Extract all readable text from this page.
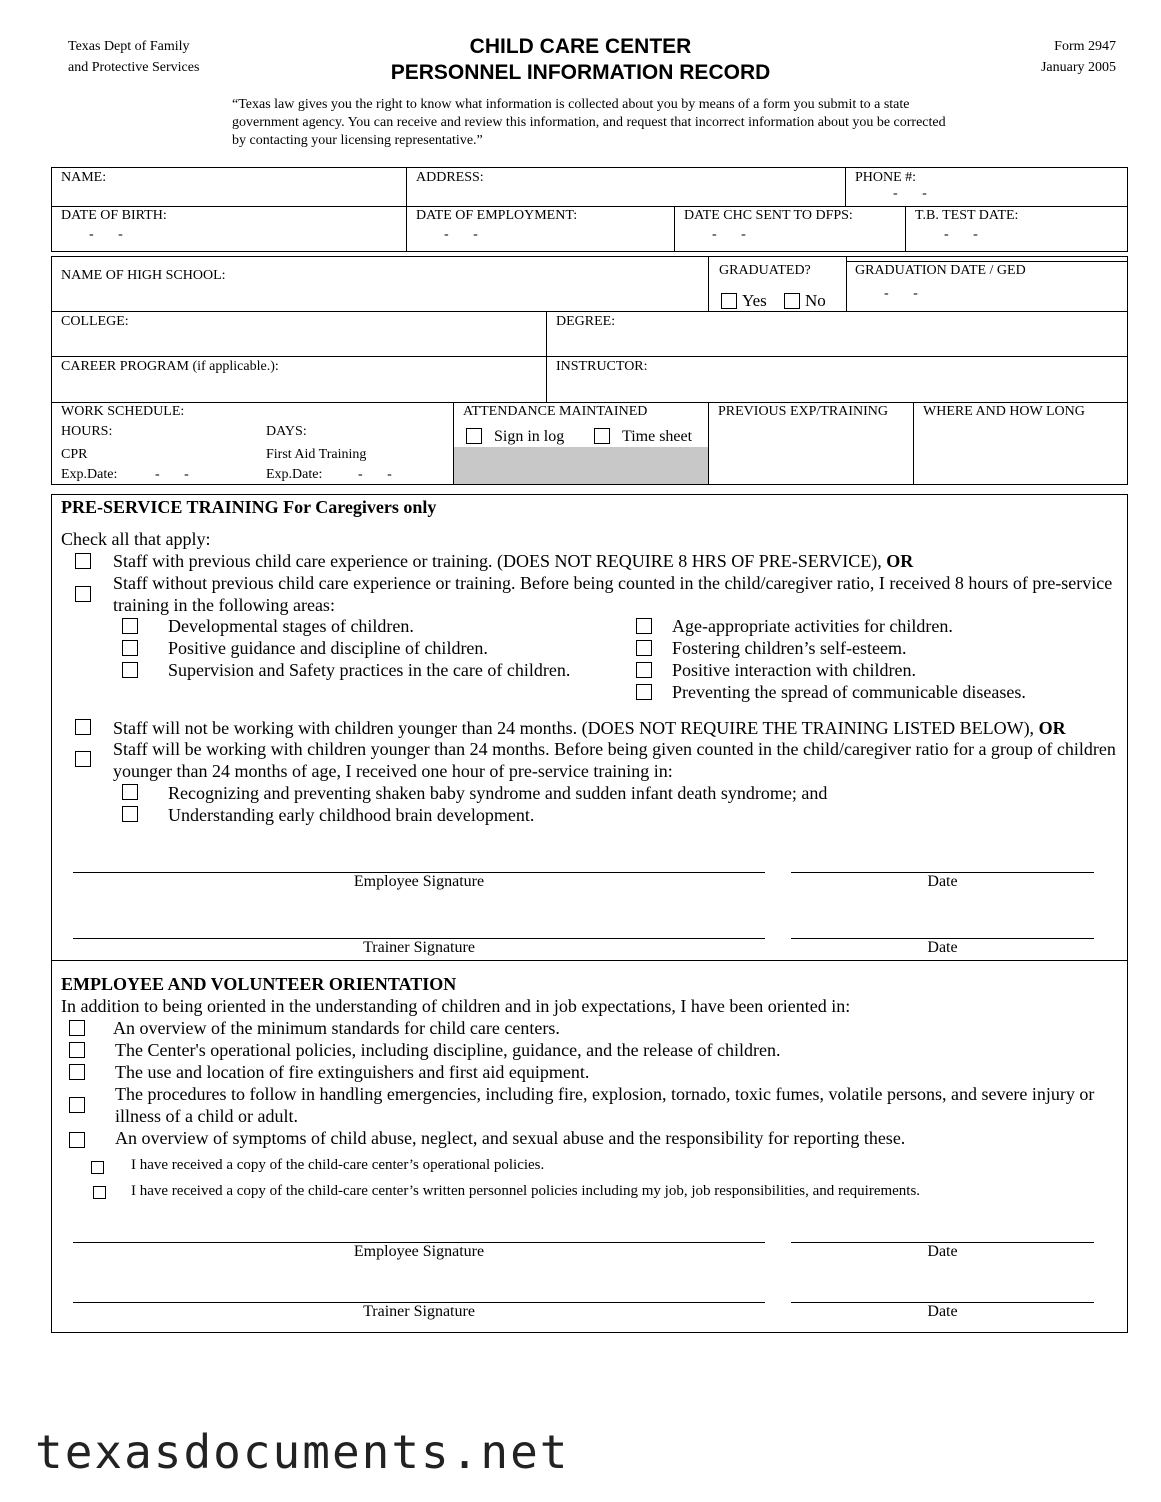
Texas Dept of Family
and Protective Services
CHILD CARE CENTER
PERSONNEL INFORMATION RECORD
Form 2947
January 2005
“Texas law gives you the right to know what information is collected about you by means of a form you submit to a state government agency. You can receive and review this information, and request that incorrect information about you be corrected by contacting your licensing representative.”
NAME:	ADDRESS:	PHONE #:
-       -
DATE OF BIRTH:
-       -
DATE OF EMPLOYMENT:
-       -
DATE CHC SENT TO DFPS:
-       -
T.B. TEST DATE:
-       -
NAME OF HIGH SCHOOL:	GRADUATED?
Yes No
GRADUATION DATE / GED
-       -
COLLEGE:	DEGREE:
CAREER PROGRAM (if applicable.):	INSTRUCTOR:
WORK SCHEDULE:
HOURS:	DAYS:
CPR
Exp.Date:	-       -
First Aid Training
Exp.Date:	-       -
ATTENDANCE MAINTAINED
Sign in log	Time sheet
PREVIOUS EXP/TRAINING	WHERE AND HOW LONG
PRE-SERVICE TRAINING For Caregivers only
Check all that apply:
Staff with previous child care experience or training. (DOES NOT REQUIRE 8 HRS OF PRE-SERVICE), OR
Staff without previous child care experience or training. Before being counted in the child/caregiver ratio, I received 8 hours of pre-service training in the following areas:
Developmental stages of children.
Positive guidance and discipline of children.
Supervision and Safety practices in the care of children.
Age-appropriate activities for children.
Fostering children’s self-esteem.
Positive interaction with children.
Preventing the spread of communicable diseases.
Staff will not be working with children younger than 24 months. (DOES NOT REQUIRE THE TRAINING LISTED BELOW), OR
Staff will be working with children younger than 24 months. Before being given counted in the child/caregiver ratio for a group of children younger than 24 months of age, I received one hour of pre-service training in:
Recognizing and preventing shaken baby syndrome and sudden infant death syndrome; and
Understanding early childhood brain development.
Employee Signature	Date
Trainer Signature	Date
EMPLOYEE AND VOLUNTEER ORIENTATION
In addition to being oriented in the understanding of children and in job expectations, I have been oriented in:
An overview of the minimum standards for child care centers.
The Center's operational policies, including discipline, guidance, and the release of children.
The use and location of fire extinguishers and first aid equipment.
The procedures to follow in handling emergencies, including fire, explosion, tornado, toxic fumes, volatile persons, and severe injury or illness of a child or adult.
An overview of symptoms of child abuse, neglect, and sexual abuse and the responsibility for reporting these.
I have received a copy of the child-care center’s operational policies.
I have received a copy of the child-care center’s written personnel policies including my job, job responsibilities, and requirements.
Employee Signature	Date
Trainer Signature	Date
texasdocuments.net
